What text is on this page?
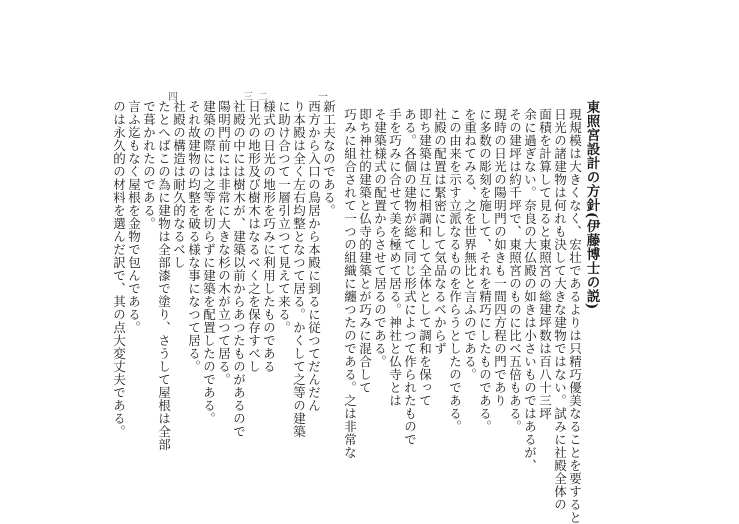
東照宮設計の方針(伊藤博士の説)
現規模は大きくなく、宏壮であるよりは只精巧優美なることを要すると
日光の諸建物は何れも決して大きな建物ではない。試みに社殿全体の
面積を計算して見ると東照宮の総建坪数は百八十三坪
余に過ぎない。奈良の大仏殿の如きは小さいものではあるが、
その建坪は約千坪で、東照宮のものに比べ五倍もある。
現時の日光の陽明門の如きも一間四方程の門であり
に多数の彫刻を施して、それを精巧にしたものである。
を重ねてみる、之を世界無比と言ふのである。
この由来を示す立派なるものを作らうとしたのである。
社殿の配置は緊密にして気品なるべからず
即ち建築は互に相調和して全体として調和を保って
ある。各個の建物が総て同じ形式によつて作られたもので
手を巧みに合せて美を極めて居る。神社と仏寺とは
そ建築様式の配置からさせて居るのである。
即ち神社的建築と仏寺的建築とが巧みに混合して
巧みに組合されて一つの組織に纏つたのである。之は非常な
新工夫なのである。
西方から入口の鳥居から本殿に到るに従つてだんだん
り本殿は全く左右均整となつて居る。かくして之等の建築
に助け合つて一層引立つて見えて来る。
様式の日光の地形を巧みに利用したものである
日光の地形及び樹木はなるべく之を保存すべし
社殿の中には樹木が、建築以前からあつたものがあるので
陽明門前には非常に大きな杉の木が立つて居る。
建築の際には之等を切らずに建築を配置したのである。
それ故建物の均整を破る様な事になつて居る。
社殿の構造は耐久的なるべし
たとへばこの為に建物は全部漆で塗り、さうして屋根は全部
で葺かれたのである。
言ふ迄もなく屋根を金物で包んである。
のは永久的の材料を選んだ訳で、其の点大変丈夫である。
一
二
三
四
